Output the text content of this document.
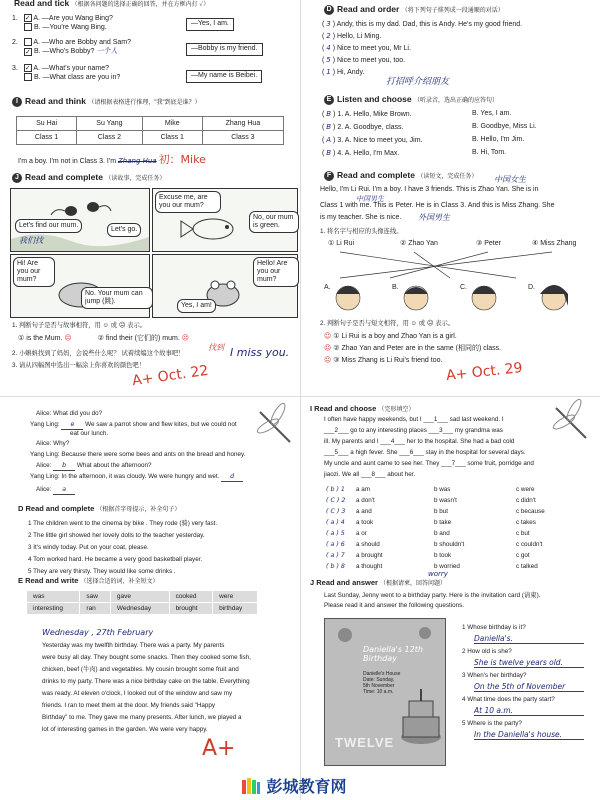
Read and tick （根据各问题的选择正确的回答，并在方框内打 ✓）
1. ✓ A. —Are you Wang Bing?
B. —You're Wang Bing.
2. A. —Who are Bobby and Sam?
✓ B. —Who's Bobby? 一个人
3. ✓ A. —What's your name?
B. —What class are you in?
—Yes, I am.
—Bobby is my friend.
—My name is Beibei.
I Read and think （请根据表格进行推理，"我"到底是谁？）
Su Hai	Su Yang	Mike	Zhang Hua
Class 1	Class 2	Class 1	Class 3
I'm a boy. I'm not in Class 3. I'm Zhang Hua 初：Mike
J Read and complete （读故事，完成任务）
Let's find our mum.
Let's go.
我们找
Excuse me, are you our mum?
No, our mum is green.
Hi! Are you our mum?
No. Your mum can jump (跳).
Hello! Are you our mum?
Yes, I am!
1. 判断句子是否与故事相符，用 ☺ 或 ☹ 表示。
① is the Mum. ☹	② find their (它们的) mum. ☹
找到
2. 小蝌蚪找到了妈妈，会说些什么呢？ 试着续编这个故事吧！	I miss you.
3. 请从四幅图中选出一幅涂上你喜欢的颜色吧！
A+ Oct. 22
D Read and order （将下列句子排列成一段通顺的对话）
( 3 ) Andy, this is my dad. Dad, this is Andy. He's my good friend.
( 2 ) Hello, Li Ming.
( 4 ) Nice to meet you, Mr Li.
( 5 ) Nice to meet you, too.
( 1 ) Hi, Andy.
打招呼介绍朋友
E Listen and choose （听录音，选出正确的应答句）
( B ) 1. A. Hello, Mike Brown.	B. Yes, I am.
( B ) 2. A. Goodbye, class.	B. Goodbye, Miss Li.
( A ) 3. A. Nice to meet you, Jim.	B. Hello, I'm Jim.
( B ) 4. A. Hello, I'm Max.	B. Hi, Tom.
F Read and complete （读短文，完成任务） 中国女生
Hello, I'm Li Rui. I'm a boy. I have 3 friends. This is Zhao Yan. She is in
中国男生
Class 1 with me. This is Peter. He is in Class 3. And this is Miss Zhang. She
is my teacher. She is nice. 外国男生
1. 将名字与相应的头像连线。
① Li Rui	② Zhao Yan	③ Peter	④ Miss Zhang
A.	B.	C.	D.
2. 判断句子是否与短文相符，用 ☺ 或 ☹ 表示。
☺ ① Li Rui is a boy and Zhao Yan is a girl.
☹ ② Zhao Yan and Peter are in the same (相同的) class.
☹ ③ Miss Zhang is Li Rui's friend too. A+ Oct. 29
Alice: What did you do?
Yang Ling: e We saw a parrot show and flew kites, but we could not
eat our lunch.
Alice: Why?
Yang Ling: Because there were some bees and ants on the bread and honey.
Alice: b What about the afternoon?
Yang Ling: In the afternoon, it was cloudy. We were hungry and wet. d
Alice: a
D Read and complete （根据首字母提示，补全句子）
1 The children went to the cinema by bike . They rode (骑) very fast.
2 The little girl showed her lovely dolls to the teacher yesterday.
3 It's windy today. Put on your coat, please.
4 Tom worked hard. He became a very good basketball player.
5 They are very thirsty. They would like some drinks .
E Read and write （选择合适的词，补全短文）
was	saw	gave	cooked	were
interesting	ran	Wednesday	brought	birthday
Wednesday , 27th February
Yesterday was my twelfth birthday. There was a party. My parents
were busy all day. They bought some snacks. Then they cooked some fish,
chicken, beef (牛肉) and vegetables. My cousin brought some fruit and
drinks to my party. There was a nice birthday cake on the table. Everything
was ready. At eleven o'clock, I looked out of the window and saw my
friends. I ran to meet them at the door. My friends said "Happy
Birthday" to me. They gave me many presents. After lunch, we played a
lot of interesting games in the garden. We were very happy.
A+
I Read and choose （完形填空）
I often have happy weekends, but I ___1___ sad last weekend. I
___2___ go to any interesting places ___3___ my grandma was
ill. My parents and I ___4___ her to the hospital. She had a bad cold
___5___ a high fever. She ___6___ stay in the hospital for several days.
My uncle and aunt came to see her. They ___7___ some fruit, porridge and
jiaozi. We all ___8___ about her.
( b ) 1 a am	b was	c were
( C ) 2 a don't	b wasn't	c didn't
( C ) 3 a and	b but	c because
( a ) 4 a took	b take	c takes
( a ) 5 a or	b and	c but
( a ) 6 a should	b shouldn't	c couldn't
( a ) 7 a brought	b took	c got
( b ) 8 a thought	b worried	c talked
worry
J Read and answer （根据请柬，回答问题）
Last Sunday, Jenny went to a birthday party. Here is the invitation card (请柬).
Please read it and answer the following questions.
Daniella's 12th Birthday
Danielle's House
Date: Sunday,
5th November
Time: 10 a.m.
TWELVE
1 Whose birthday is it?
Daniella's.
2 How old is she?
She is twelve years old.
3 When's her birthday?
On the 5th of November
4 What time does the party start?
At 10 a.m.
5 Where is the party?
In the Daniella's house.
彭城教育网
